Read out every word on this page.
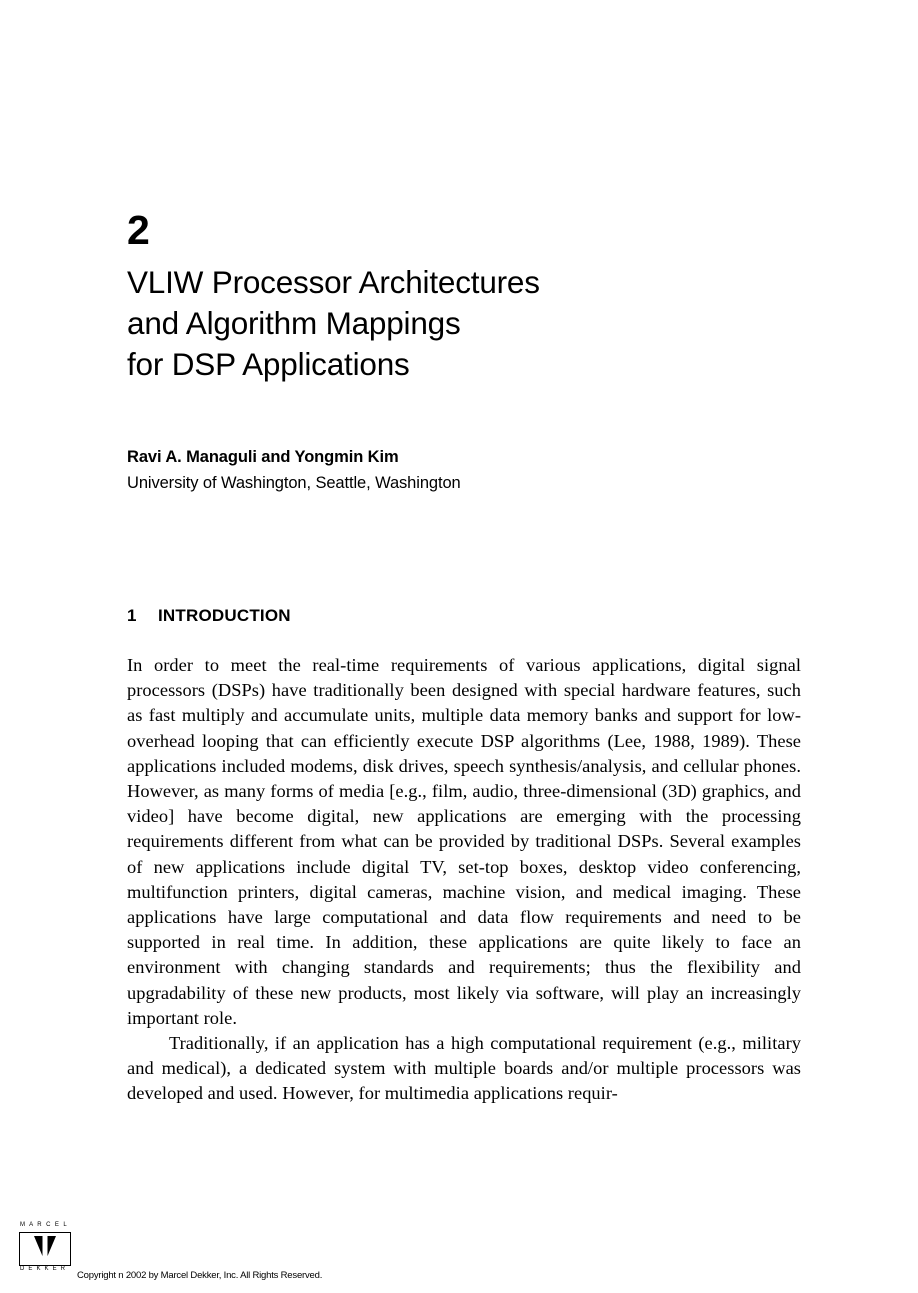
2
VLIW Processor Architectures
and Algorithm Mappings
for DSP Applications
Ravi A. Managuli and Yongmin Kim
University of Washington, Seattle, Washington
1 INTRODUCTION

In order to meet the real-time requirements of various applications, digital signal processors (DSPs) have traditionally been designed with special hardware features, such as fast multiply and accumulate units, multiple data memory banks and support for low-overhead looping that can efficiently execute DSP algorithms (Lee, 1988, 1989). These applications included modems, disk drives, speech synthesis/analysis, and cellular phones. However, as many forms of media [e.g., film, audio, three-dimensional (3D) graphics, and video] have become digital, new applications are emerging with the processing requirements different from what can be provided by traditional DSPs. Several examples of new applications include digital TV, set-top boxes, desktop video conferencing, multifunction printers, digital cameras, machine vision, and medical imaging. These applications have large computational and data flow requirements and need to be supported in real time. In addition, these applications are quite likely to face an environment with changing standards and requirements; thus the flexibility and upgradability of these new products, most likely via software, will play an increasingly important role.

Traditionally, if an application has a high computational requirement (e.g., military and medical), a dedicated system with multiple boards and/or multiple processors was developed and used. However, for multimedia applications requir-

M A R C E L
D E K K E R
Copyright n 2002 by Marcel Dekker, Inc. All Rights Reserved.
